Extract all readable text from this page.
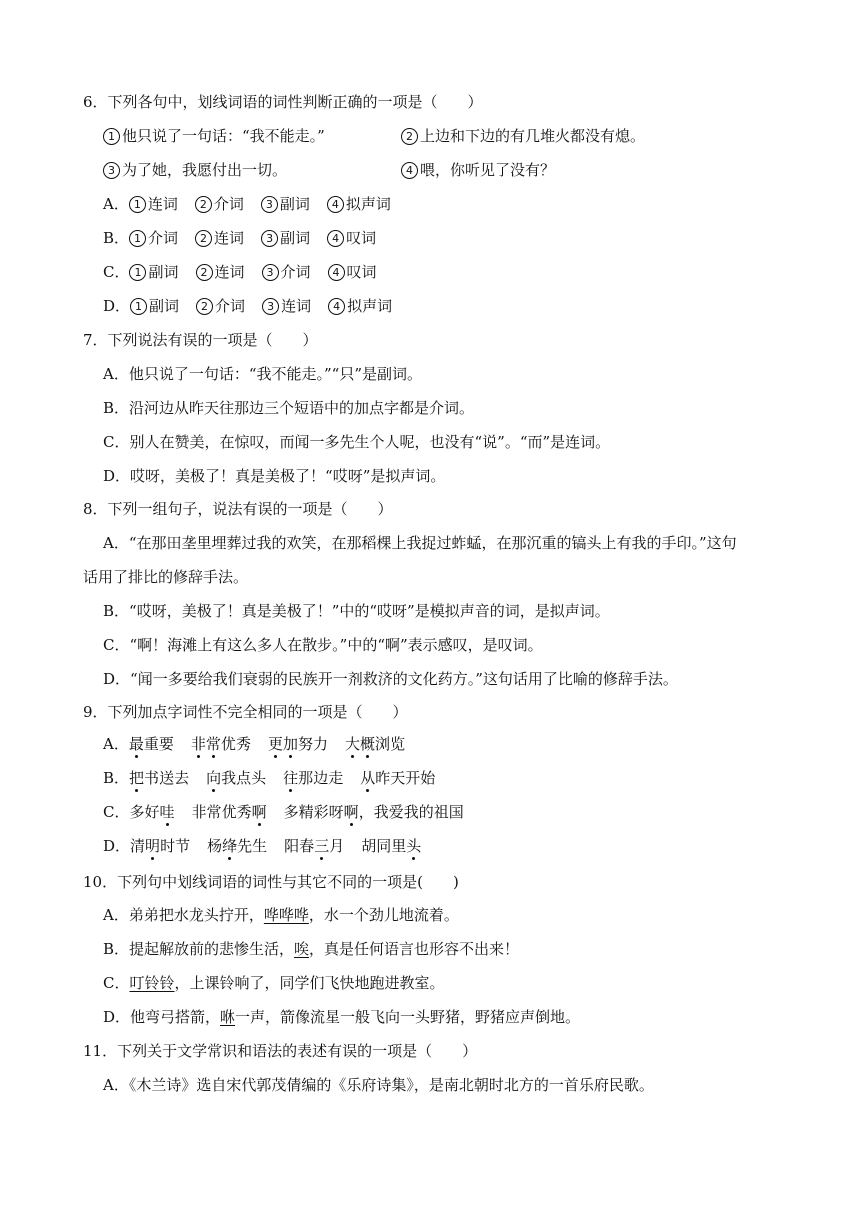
6．下列各句中，划线词语的词性判断正确的一项是（　　）
1 他只说了一句话：“我不能走。”	2 上边和下边的有几堆火都没有熄。
3 为了她，我愿付出一切。	4 喂，你听见了没有？
A． 1 连词 2 介词 3 副词 4 拟声词
B． 1 介词 2 连词 3 副词 4 叹词
C． 1 副词 2 连词 3 介词 4 叹词
D． 1 副词 2 介词 3 连词 4 拟声词
7．下列说法有误的一项是（　　）
A．他只说了一句话：“我不能走。”“只”是副词。
B．沿河边从昨天往那边三个短语中的加点字都是介词。
C．别人在赞美，在惊叹，而闻一多先生个人呢，也没有“说”。“而”是连词。
D．哎呀，美极了！真是美极了！“哎呀”是拟声词。
8．下列一组句子，说法有误的一项是（　　）
A．“在那田垄里埋葬过我的欢笑，在那稻棵上我捉过蚱蜢，在那沉重的镐头上有我的手印。”这句
话用了排比的修辞手法。
B．“哎呀，美极了！真是美极了！”中的“哎呀”是模拟声音的词，是拟声词。
C．“啊！海滩上有这么多人在散步。”中的“啊”表示感叹，是叹词。
D．“闻一多要给我们衰弱的民族开一剂救济的文化药方。”这句话用了比喻的修辞手法。
9．下列加点字词性不完全相同的一项是（　　）
A．最重要 非常优秀 更加努力 大概浏览
B．把书送去 向我点头 往那边走 从昨天开始
C．多好哇 非常优秀啊 多精彩呀啊，我爱我的祖国
D．清明时节 杨绛先生 阳春三月 胡同里头
10．下列句中划线词语的词性与其它不同的一项是(　　)
A．弟弟把水龙头拧开，哗哗哗，水一个劲儿地流着。
B．提起解放前的悲惨生活，唉，真是任何语言也形容不出来！
C．叮铃铃，上课铃响了，同学们飞快地跑进教室。
D．他弯弓搭箭，咻一声，箭像流星一般飞向一头野猪，野猪应声倒地。
11．下列关于文学常识和语法的表述有误的一项是（　　）
A．《木兰诗》选自宋代郭茂倩编的《乐府诗集》，是南北朝时北方的一首乐府民歌。
